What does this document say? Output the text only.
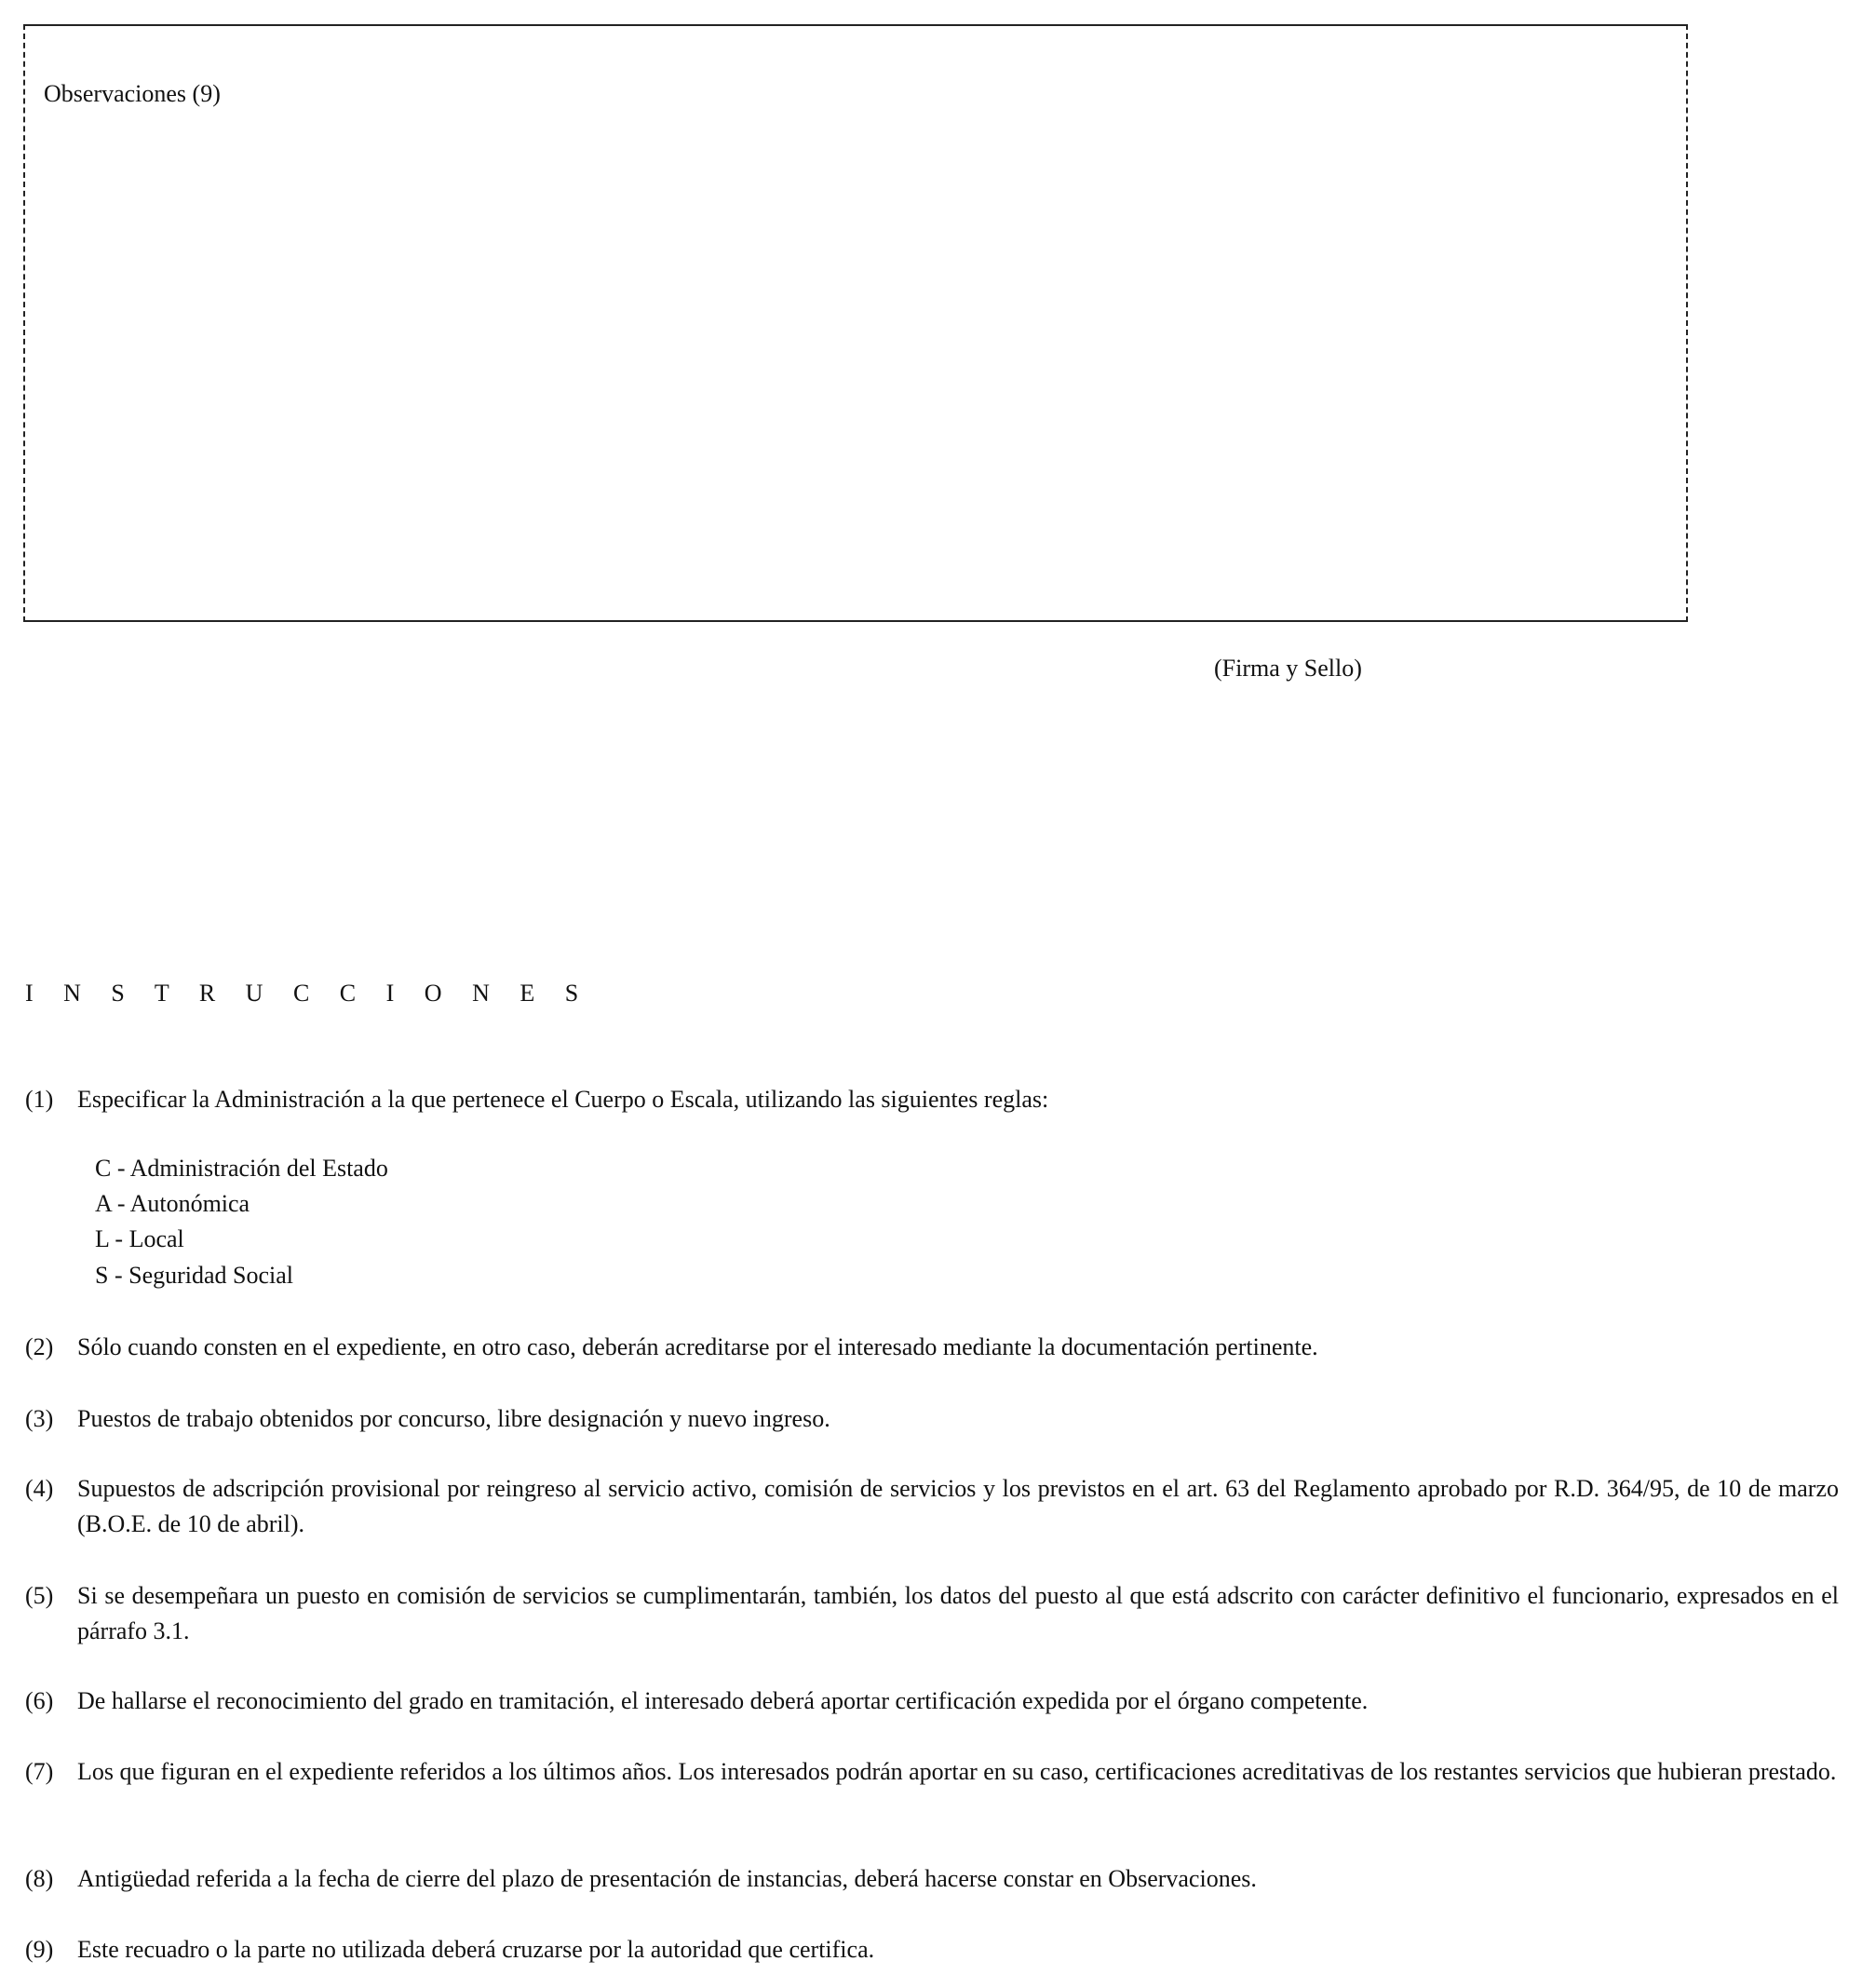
Observaciones (9)
(Firma y Sello)
I N S T R U C C I O N E S
(1) Especificar la Administración a la que pertenece el Cuerpo o Escala, utilizando las siguientes reglas:
C - Administración del Estado
A - Autonómica
L - Local
S - Seguridad Social
(2) Sólo cuando consten en el expediente, en otro caso, deberán acreditarse por el interesado mediante la documentación pertinente.
(3) Puestos de trabajo obtenidos por concurso, libre designación y nuevo ingreso.
(4) Supuestos de adscripción provisional por reingreso al servicio activo, comisión de servicios y los previstos en el art. 63 del Reglamento aprobado por R.D. 364/95, de 10 de marzo (B.O.E. de 10 de abril).
(5) Si se desempeñara un puesto en comisión de servicios se cumplimentarán, también, los datos del puesto al que está adscrito con carácter definitivo el funcionario, expresados en el párrafo 3.1.
(6) De hallarse el reconocimiento del grado en tramitación, el interesado deberá aportar certificación expedida por el órgano competente.
(7) Los que figuran en el expediente referidos a los últimos años. Los interesados podrán aportar en su caso, certificaciones acreditativas de los restantes servicios que hubieran prestado.
(8) Antigüedad referida a la fecha de cierre del plazo de presentación de instancias, deberá hacerse constar en Observaciones.
(9) Este recuadro o la parte no utilizada deberá cruzarse por la autoridad que certifica.
